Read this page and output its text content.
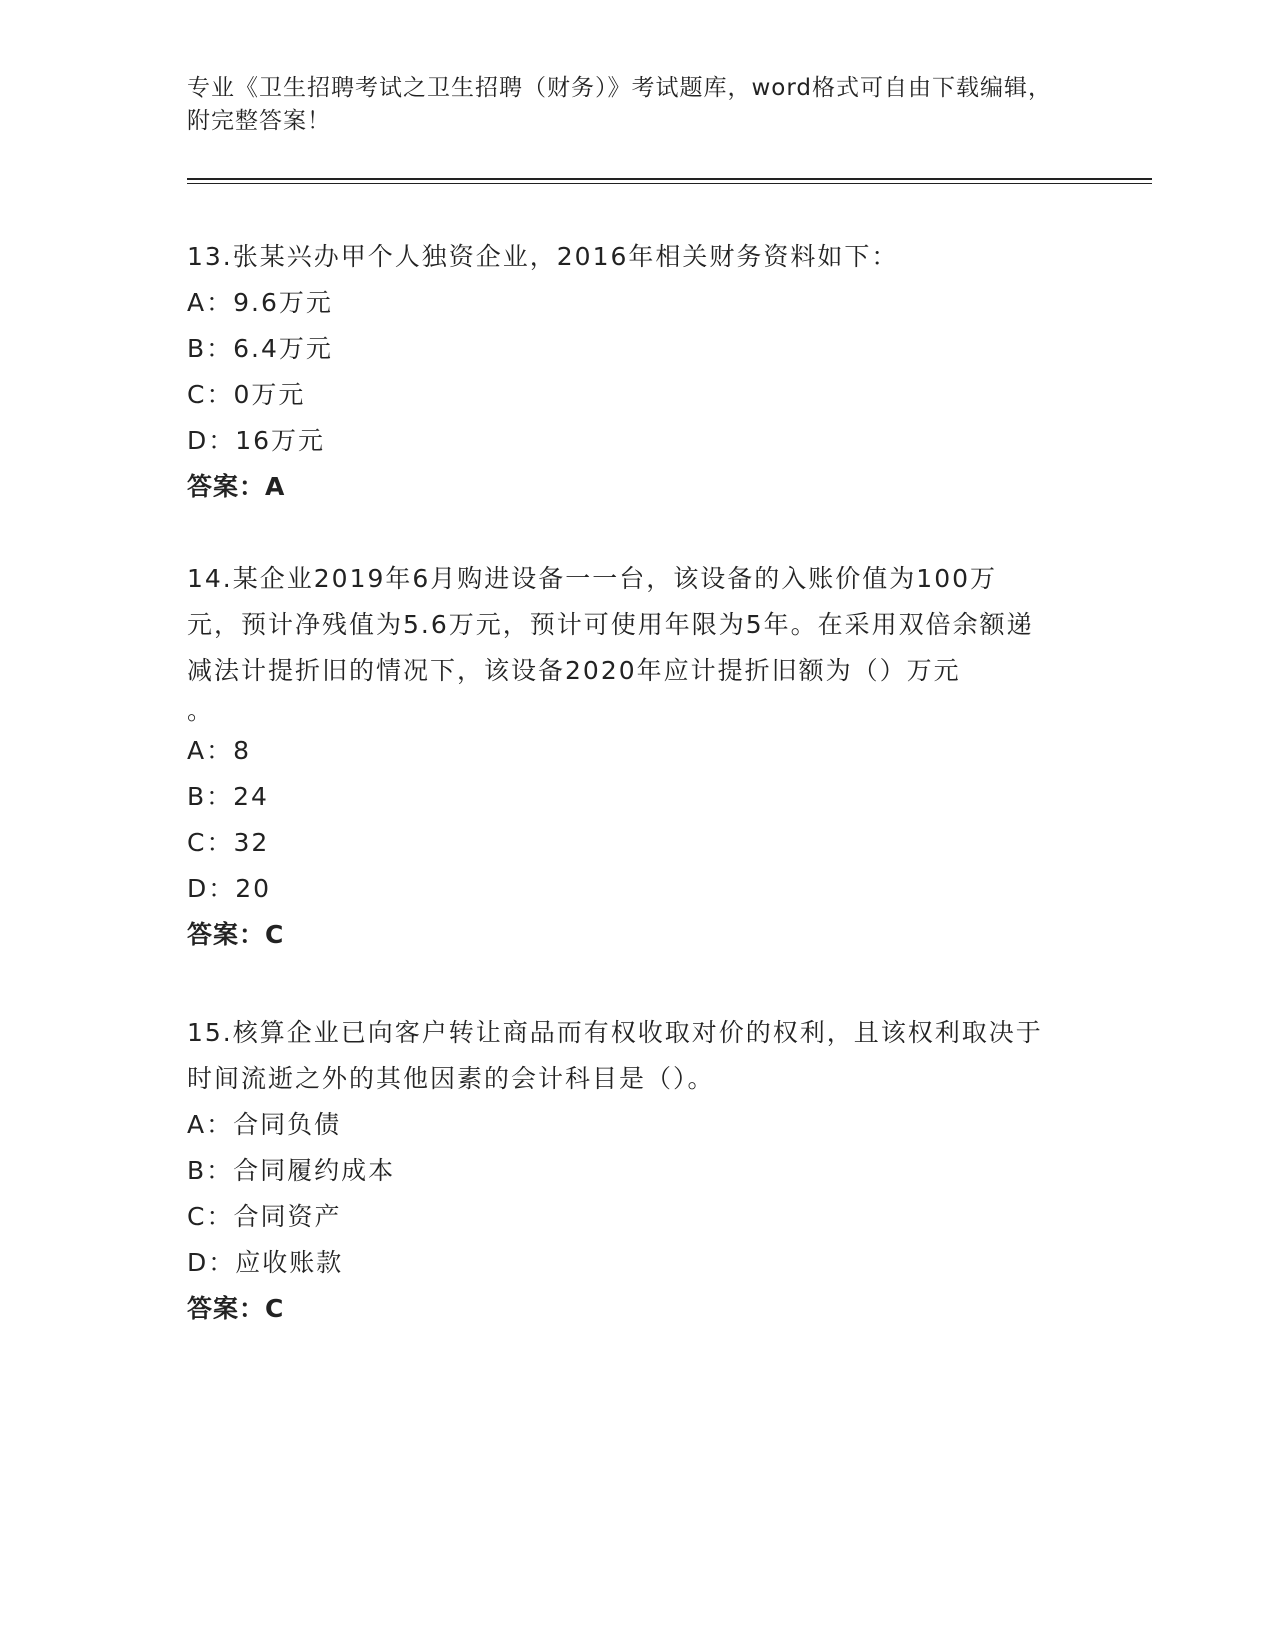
专业《卫生招聘考试之卫生招聘（财务）》考试题库，word格式可自由下载编辑，附完整答案！

13.张某兴办甲个人独资企业，2016年相关财务资料如下：

A：9.6万元

B：6.4万元

C：0万元

D：16万元

答案：A

14.某企业2019年6月购进设备一一台，该设备的入账价值为100万元，预计净残值为5.6万元，预计可使用年限为5年。在采用双倍余额递减法计提折旧的情况下，该设备2020年应计提折旧额为（）万元

。

A：8

B：24

C：32

D：20

答案：C

15.核算企业已向客户转让商品而有权收取对价的权利，且该权利取决于时间流逝之外的其他因素的会计科目是（）。

A：合同负债

B：合同履约成本

C：合同资产

D：应收账款

答案：C
